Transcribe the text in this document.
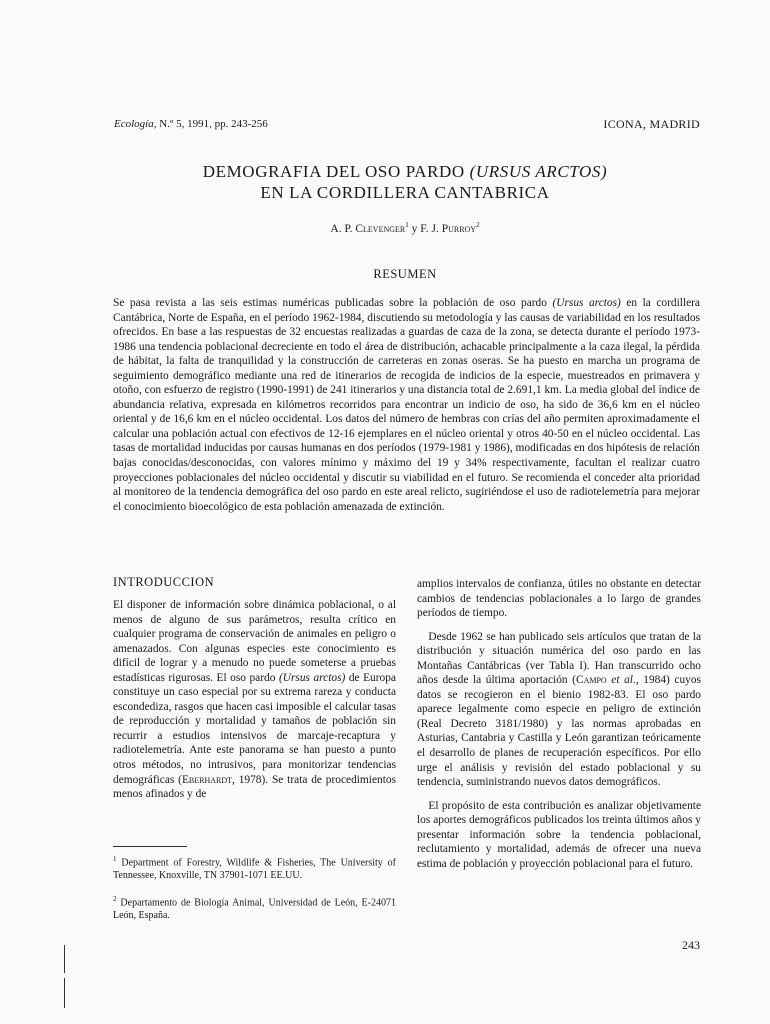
Ecología, N.º 5, 1991, pp. 243-256	ICONA, MADRID
DEMOGRAFIA DEL OSO PARDO (URSUS ARCTOS)
EN LA CORDILLERA CANTABRICA
A. P. Clevenger$^1$ y F. J. Purroy$^2$
RESUMEN
Se pasa revista a las seis estimas numéricas publicadas sobre la población de oso pardo (Ursus arctos) en la cordillera Cantábrica, Norte de España, en el período 1962-1984, discutiendo su metodología y las causas de variabilidad en los resultados ofrecidos. En base a las respuestas de 32 encuestas realizadas a guardas de caza de la zona, se detecta durante el período 1973-1986 una tendencia poblacional decreciente en todo el área de distribución, achacable principalmente a la caza ilegal, la pérdida de hábitat, la falta de tranquilidad y la construcción de carreteras en zonas oseras. Se ha puesto en marcha un programa de seguimiento demográfico mediante una red de itinerarios de recogida de indicios de la especie, muestreados en primavera y otoño, con esfuerzo de registro (1990-1991) de 241 itinerarios y una distancia total de 2.691,1 km. La media global del índice de abundancia relativa, expresada en kilómetros recorridos para encontrar un indicio de oso, ha sido de 36,6 km en el núcleo oriental y de 16,6 km en el núcleo occidental. Los datos del número de hembras con crías del año permiten aproximadamente el calcular una población actual con efectivos de 12-16 ejemplares en el núcleo oriental y otros 40-50 en el núcleo occidental. Las tasas de mortalidad inducidas por causas humanas en dos períodos (1979-1981 y 1986), modificadas en dos hipótesis de relación bajas conocidas/desconocidas, con valores mínimo y máximo del 19 y 34% respectivamente, facultan el realizar cuatro proyecciones poblacionales del núcleo occidental y discutir su viabilidad en el futuro. Se recomienda el conceder alta prioridad al monitoreo de la tendencia demográfica del oso pardo en este areal relicto, sugiriéndose el uso de radiotelemetría para mejorar el conocimiento bioecológico de esta población amenazada de extinción.
INTRODUCCION

El disponer de información sobre dinámica poblacional, o al menos de alguno de sus parámetros, resulta crítico en cualquier programa de conservación de animales en peligro o amenazados. Con algunas especies este conocimiento es difícil de lograr y a menudo no puede someterse a pruebas estadísticas rigurosas. El oso pardo (Ursus arctos) de Europa constituye un caso especial por su extrema rareza y conducta escondediza, rasgos que hacen casi imposible el calcular tasas de reproducción y mortalidad y tamaños de población sin recurrir a estudios intensivos de marcaje-recaptura y radiotelemetría. Ante este panorama se han puesto a punto otros métodos, no intrusivos, para monitorizar tendencias demográficas (Eberhardt, 1978). Se trata de procedimientos menos afinados y de

amplios intervalos de confianza, útiles no obstante en detectar cambios de tendencias poblacionales a lo largo de grandes períodos de tiempo.

 Desde 1962 se han publicado seis artículos que tratan de la distribución y situación numérica del oso pardo en las Montañas Cantábricas (ver Tabla I). Han transcurrido ocho años desde la última aportación (Campo et al., 1984) cuyos datos se recogieron en el bienio 1982-83. El oso pardo aparece legalmente como especie en peligro de extinción (Real Decreto 3181/1980) y las normas aprobadas en Asturias, Cantabria y Castilla y León garantizan teóricamente el desarrollo de planes de recuperación específicos. Por ello urge el análisis y revisión del estado poblacional y su tendencia, suministrando nuevos datos demográficos.

 El propósito de esta contribución es analizar objetivamente los aportes demográficos publicados los treinta últimos años y presentar información sobre la tendencia poblacional, reclutamiento y mortalidad, además de ofrecer una nueva estima de población y proyección poblacional para el futuro.

$^1$ Department of Forestry, Wildlife & Fisheries, The University of Tennessee, Knoxville, TN 37901-1071 EE.UU.
$^2$ Departamento de Biología Animal, Universidad de León, E-24071 León, España.
243
